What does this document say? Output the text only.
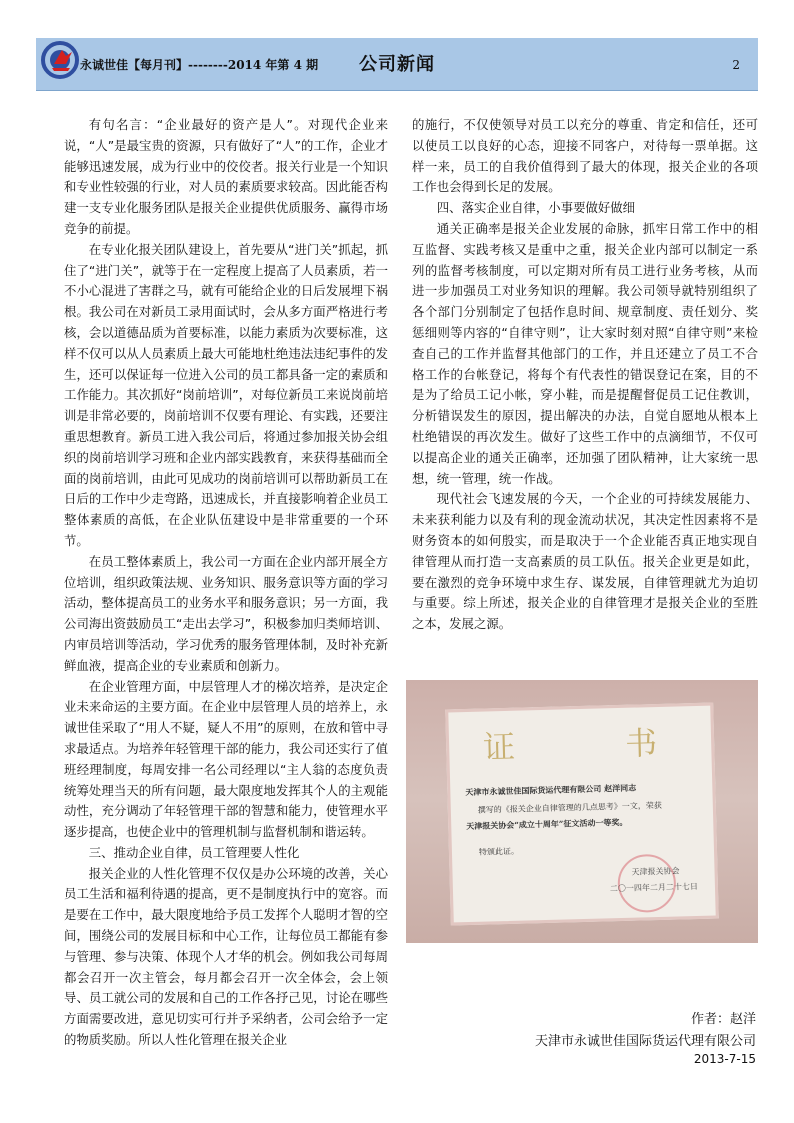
永诚世佳【每月刊】--------2014 年第 4 期 公司新闻	2

有句名言：“企业最好的资产是人”。对现代企业来说，“人”是最宝贵的资源，只有做好了“人”的工作，企业才能够迅速发展，成为行业中的佼佼者。报关行业是一个知识和专业性较强的行业，对人员的素质要求较高。因此能否构建一支专业化服务团队是报关企业提供优质服务、赢得市场竞争的前提。

在专业化报关团队建设上，首先要从“进门关”抓起，抓住了“进门关”，就等于在一定程度上提高了人员素质，若一不小心混进了害群之马，就有可能给企业的日后发展埋下祸根。我公司在对新员工录用面试时，会从多方面严格进行考核，会以道德品质为首要标准，以能力素质为次要标准，这样不仅可以从人员素质上最大可能地杜绝违法违纪事件的发生，还可以保证每一位进入公司的员工都具备一定的素质和工作能力。其次抓好“岗前培训”，对每位新员工来说岗前培训是非常必要的，岗前培训不仅要有理论、有实践，还要注重思想教育。新员工进入我公司后，将通过参加报关协会组织的岗前培训学习班和企业内部实践教育，来获得基础而全面的岗前培训，由此可见成功的岗前培训可以帮助新员工在日后的工作中少走弯路，迅速成长，并直接影响着企业员工整体素质的高低，在企业队伍建设中是非常重要的一个环节。

在员工整体素质上，我公司一方面在企业内部开展全方位培训，组织政策法规、业务知识、服务意识等方面的学习活动，整体提高员工的业务水平和服务意识；另一方面，我公司海出资鼓励员工“走出去学习”，积极参加归类师培训、内审员培训等活动，学习优秀的服务管理体制，及时补充新鲜血液，提高企业的专业素质和创新力。

在企业管理方面，中层管理人才的梯次培养，是决定企业未来命运的主要方面。在企业中层管理人员的培养上，永诚世佳采取了“用人不疑，疑人不用”的原则，在放和管中寻求最适点。为培养年轻管理干部的能力，我公司还实行了值班经理制度，每周安排一名公司经理以“主人翁的态度负责统筹处理当天的所有问题，最大限度地发挥其个人的主观能动性，充分调动了年轻管理干部的智慧和能力，使管理水平逐步提高，也使企业中的管理机制与监督机制和谐运转。

三、推动企业自律，员工管理要人性化

报关企业的人性化管理不仅仅是办公环境的改善，关心员工生活和福利待遇的提高，更不是制度执行中的宽容。而是要在工作中，最大限度地给予员工发挥个人聪明才智的空间，围绕公司的发展目标和中心工作，让每位员工都能有参与管理、参与决策、体现个人才华的机会。例如我公司每周都会召开一次主管会，每月都会召开一次全体会，会上领导、员工就公司的发展和自己的工作各抒己见，讨论在哪些方面需要改进，意见切实可行并予采纳者，公司会给予一定的物质奖励。所以人性化管理在报关企业

的施行，不仅使领导对员工以充分的尊重、肯定和信任，还可以使员工以良好的心态，迎接不同客户，对待每一票单据。这样一来，员工的自我价值得到了最大的体现，报关企业的各项工作也会得到长足的发展。

四、落实企业自律，小事要做好做细

通关正确率是报关企业发展的命脉，抓牢日常工作中的相互监督、实践考核又是重中之重，报关企业内部可以制定一系列的监督考核制度，可以定期对所有员工进行业务考核，从而进一步加强员工对业务知识的理解。我公司领导就特别组织了各个部门分别制定了包括作息时间、规章制度、责任划分、奖惩细则等内容的“自律守则”，让大家时刻对照“自律守则”来检查自己的工作并监督其他部门的工作，并且还建立了员工不合格工作的台帐登记，将每个有代表性的错误登记在案，目的不是为了给员工记小帐，穿小鞋，而是提醒督促员工记住教训，分析错误发生的原因，提出解决的办法，自觉自愿地从根本上杜绝错误的再次发生。做好了这些工作中的点滴细节，不仅可以提高企业的通关正确率，还加强了团队精神，让大家统一思想，统一管理，统一作战。

现代社会飞速发展的今天，一个企业的可持续发展能力、未来获利能力以及有利的现金流动状况，其决定性因素将不是财务资本的如何殷实，而是取决于一个企业能否真正地实现自律管理从而打造一支高素质的员工队伍。报关企业更是如此，要在激烈的竞争环境中求生存、谋发展，自律管理就尤为迫切与重要。综上所述，报关企业的自律管理才是报关企业的至胜之本，发展之源。

证 书
天津市永诚世佳国际货运代理有限公司 赵洋同志
撰写的《报关企业自律管理的几点思考》一文，荣获
天津报关协会“成立十周年”征文活动一等奖。
特颁此证。
天津报关协会
二〇一四年二月二十七日
作者：赵洋
天津市永诚世佳国际货运代理有限公司
2013-7-15
